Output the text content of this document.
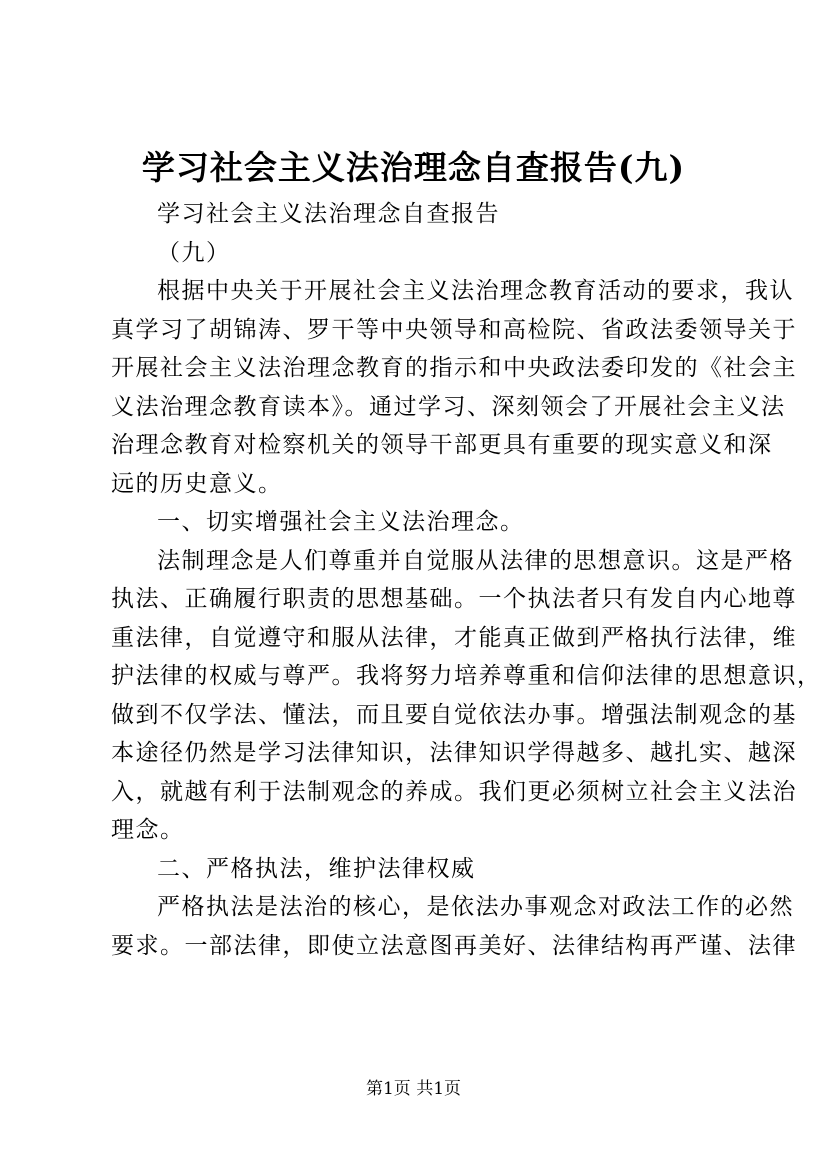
学习社会主义法治理念自查报告(九)
学习社会主义法治理念自查报告
（九）
根据中央关于开展社会主义法治理念教育活动的要求，我认
真学习了胡锦涛、罗干等中央领导和高检院、省政法委领导关于
开展社会主义法治理念教育的指示和中央政法委印发的《社会主
义法治理念教育读本》。通过学习、深刻领会了开展社会主义法
治理念教育对检察机关的领导干部更具有重要的现实意义和深
远的历史意义。
一、切实增强社会主义法治理念。
法制理念是人们尊重并自觉服从法律的思想意识。这是严格
执法、正确履行职责的思想基础。一个执法者只有发自内心地尊
重法律，自觉遵守和服从法律，才能真正做到严格执行法律，维
护法律的权威与尊严。我将努力培养尊重和信仰法律的思想意识，
做到不仅学法、懂法，而且要自觉依法办事。增强法制观念的基
本途径仍然是学习法律知识，法律知识学得越多、越扎实、越深
入，就越有利于法制观念的养成。我们更必须树立社会主义法治
理念。
二、严格执法，维护法律权威
严格执法是法治的核心，是依法办事观念对政法工作的必然
要求。一部法律，即使立法意图再美好、法律结构再严谨、法律
第1页 共1页
